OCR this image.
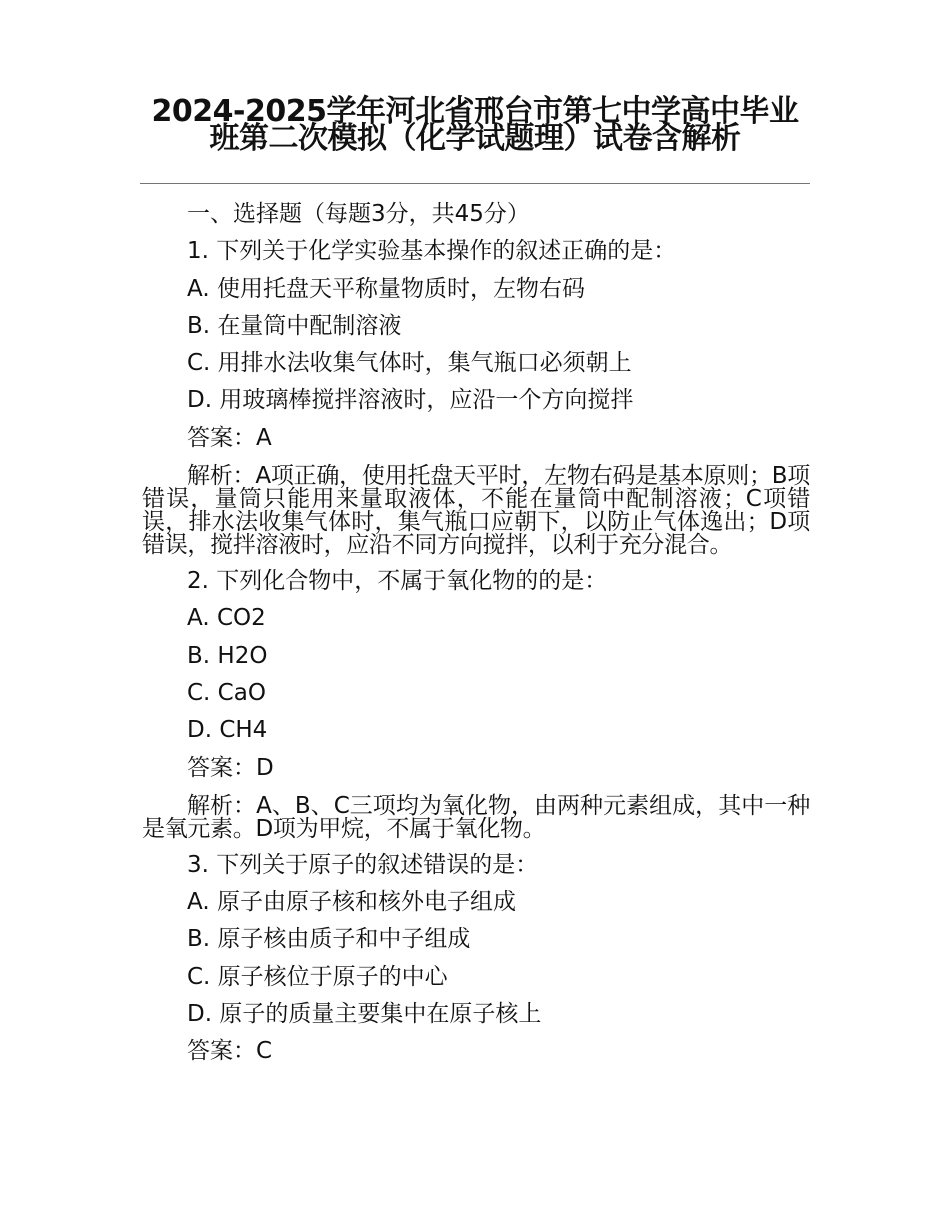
2024-2025学年河北省邢台市第七中学高中毕业班第二次模拟（化学试题理）试卷含解析
一、选择题（每题3分，共45分）
1. 下列关于化学实验基本操作的叙述正确的是：
A. 使用托盘天平称量物质时，左物右码
B. 在量筒中配制溶液
C. 用排水法收集气体时，集气瓶口必须朝上
D. 用玻璃棒搅拌溶液时，应沿一个方向搅拌
答案：A
解析：A项正确，使用托盘天平时，左物右码是基本原则；B项错误，量筒只能用来量取液体，不能在量筒中配制溶液；C项错误，排水法收集气体时，集气瓶口应朝下，以防止气体逸出；D项错误，搅拌溶液时，应沿不同方向搅拌，以利于充分混合。
2. 下列化合物中，不属于氧化物的的是：
A. CO2
B. H2O
C. CaO
D. CH4
答案：D
解析：A、B、C三项均为氧化物，由两种元素组成，其中一种是氧元素。D项为甲烷，不属于氧化物。
3. 下列关于原子的叙述错误的是：
A. 原子由原子核和核外电子组成
B. 原子核由质子和中子组成
C. 原子核位于原子的中心
D. 原子的质量主要集中在原子核上
答案：C
